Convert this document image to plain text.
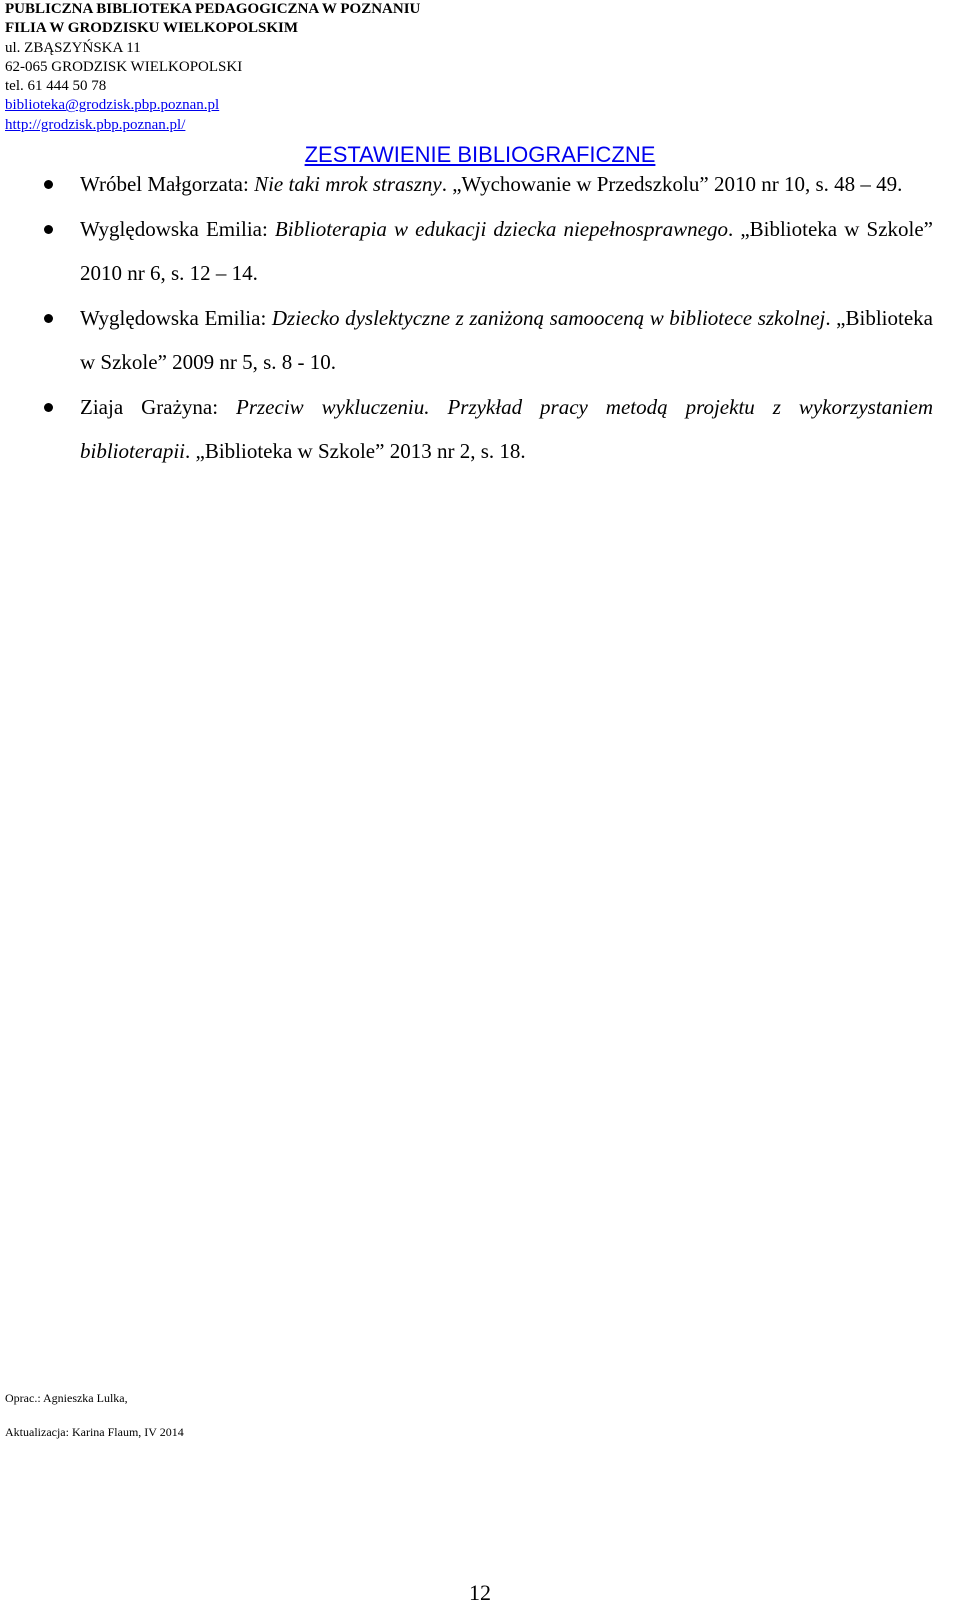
PUBLICZNA BIBLIOTEKA PEDAGOGICZNA W POZNANIU
FILIA W GRODZISKU WIELKOPOLSKIM
ul. ZBĄSZYŃSKA 11
62-065 GRODZISK WIELKOPOLSKI
tel. 61 444 50 78
biblioteka@grodzisk.pbp.poznan.pl
http://grodzisk.pbp.poznan.pl/
ZESTAWIENIE BIBLIOGRAFICZNE
Wróbel Małgorzata: Nie taki mrok straszny. „Wychowanie w Przedszkolu” 2010 nr 10, s. 48 – 49.
Wyględowska Emilia: Biblioterapia w edukacji dziecka niepełnosprawnego. „Biblioteka w Szkole” 2010 nr 6, s. 12 – 14.
Wyględowska Emilia: Dziecko dyslektyczne z zaniżoną samooceną w bibliotece szkolnej. „Biblioteka w Szkole” 2009 nr 5, s. 8 - 10.
Ziaja Grażyna: Przeciw wykluczeniu. Przykład pracy metodą projektu z wykorzystaniem biblioterapii. „Biblioteka w Szkole” 2013 nr 2, s. 18.
Oprac.: Agnieszka Lulka,
Aktualizacja: Karina Flaum, IV 2014
12
